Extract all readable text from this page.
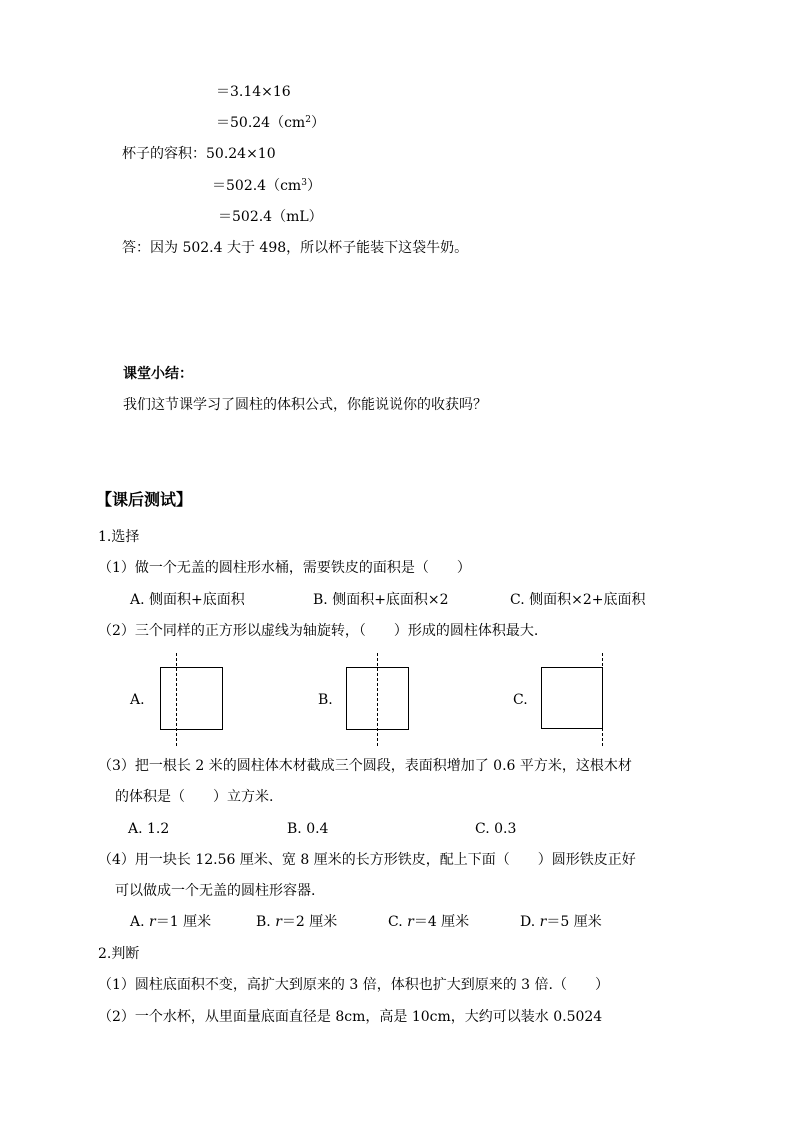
＝3.14×16
$=50.24(cm^2)$
杯子的容积：50.24×10
$=502.4(cm^3)$
＝502.4（mL）
答：因为 502.4 大于 498，所以杯子能装下这袋牛奶。
课堂小结：
我们这节课学习了圆柱的体积公式，你能说说你的收获吗？
【课后测试】
1.选择
（1）做一个无盖的圆柱形水桶，需要铁皮的面积是（　　）
A. 侧面积+底面积	B. 侧面积+底面积×2	C. 侧面积×2+底面积
（2）三个同样的正方形以虚线为轴旋转，（　　）形成的圆柱体积最大.
A.	B.	C.
（3）把一根长 2 米的圆柱体木材截成三个圆段，表面积增加了 0.6 平方米，这根木材
的体积是（　　）立方米.
A. 1.2	B. 0.4	C. 0.3
（4）用一块长 12.56 厘米、宽 8 厘米的长方形铁皮，配上下面（　　）圆形铁皮正好
可以做成一个无盖的圆柱形容器.
A. r＝1 厘米	B. r＝2 厘米	C. r＝4 厘米	D. r＝5 厘米
2.判断
（1）圆柱底面积不变，高扩大到原来的 3 倍，体积也扩大到原来的 3 倍.（　　）
（2）一个水杯，从里面量底面直径是 8cm，高是 10cm，大约可以装水 0.5024
